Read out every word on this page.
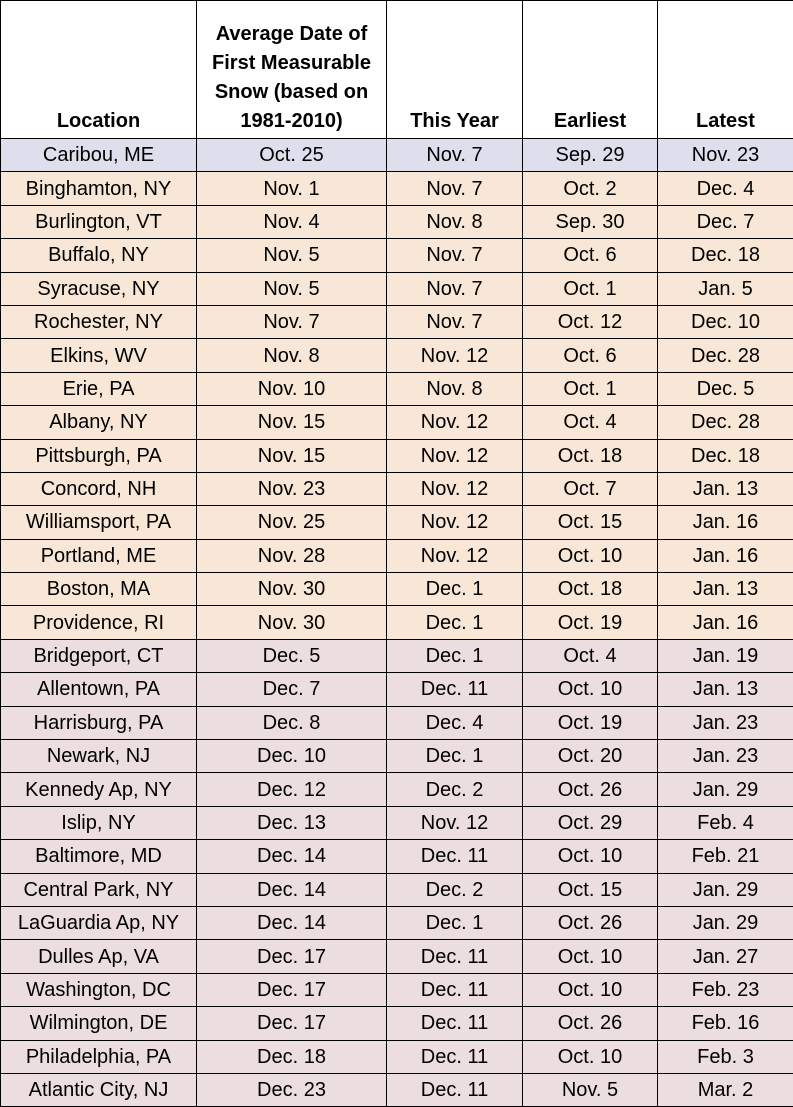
Location	Average Date of
First Measurable
Snow (based on
1981-2010)	This Year	Earliest	Latest
Caribou, ME	Oct. 25	Nov. 7	Sep. 29	Nov. 23
Binghamton, NY	Nov. 1	Nov. 7	Oct. 2	Dec. 4
Burlington, VT	Nov. 4	Nov. 8	Sep. 30	Dec. 7
Buffalo, NY	Nov. 5	Nov. 7	Oct. 6	Dec. 18
Syracuse, NY	Nov. 5	Nov. 7	Oct. 1	Jan. 5
Rochester, NY	Nov. 7	Nov. 7	Oct. 12	Dec. 10
Elkins, WV	Nov. 8	Nov. 12	Oct. 6	Dec. 28
Erie, PA	Nov. 10	Nov. 8	Oct. 1	Dec. 5
Albany, NY	Nov. 15	Nov. 12	Oct. 4	Dec. 28
Pittsburgh, PA	Nov. 15	Nov. 12	Oct. 18	Dec. 18
Concord, NH	Nov. 23	Nov. 12	Oct. 7	Jan. 13
Williamsport, PA	Nov. 25	Nov. 12	Oct. 15	Jan. 16
Portland, ME	Nov. 28	Nov. 12	Oct. 10	Jan. 16
Boston, MA	Nov. 30	Dec. 1	Oct. 18	Jan. 13
Providence, RI	Nov. 30	Dec. 1	Oct. 19	Jan. 16
Bridgeport, CT	Dec. 5	Dec. 1	Oct. 4	Jan. 19
Allentown, PA	Dec. 7	Dec. 11	Oct. 10	Jan. 13
Harrisburg, PA	Dec. 8	Dec. 4	Oct. 19	Jan. 23
Newark, NJ	Dec. 10	Dec. 1	Oct. 20	Jan. 23
Kennedy Ap, NY	Dec. 12	Dec. 2	Oct. 26	Jan. 29
Islip, NY	Dec. 13	Nov. 12	Oct. 29	Feb. 4
Baltimore, MD	Dec. 14	Dec. 11	Oct. 10	Feb. 21
Central Park, NY	Dec. 14	Dec. 2	Oct. 15	Jan. 29
LaGuardia Ap, NY	Dec. 14	Dec. 1	Oct. 26	Jan. 29
Dulles Ap, VA	Dec. 17	Dec. 11	Oct. 10	Jan. 27
Washington, DC	Dec. 17	Dec. 11	Oct. 10	Feb. 23
Wilmington, DE	Dec. 17	Dec. 11	Oct. 26	Feb. 16
Philadelphia, PA	Dec. 18	Dec. 11	Oct. 10	Feb. 3
Atlantic City, NJ	Dec. 23	Dec. 11	Nov. 5	Mar. 2
